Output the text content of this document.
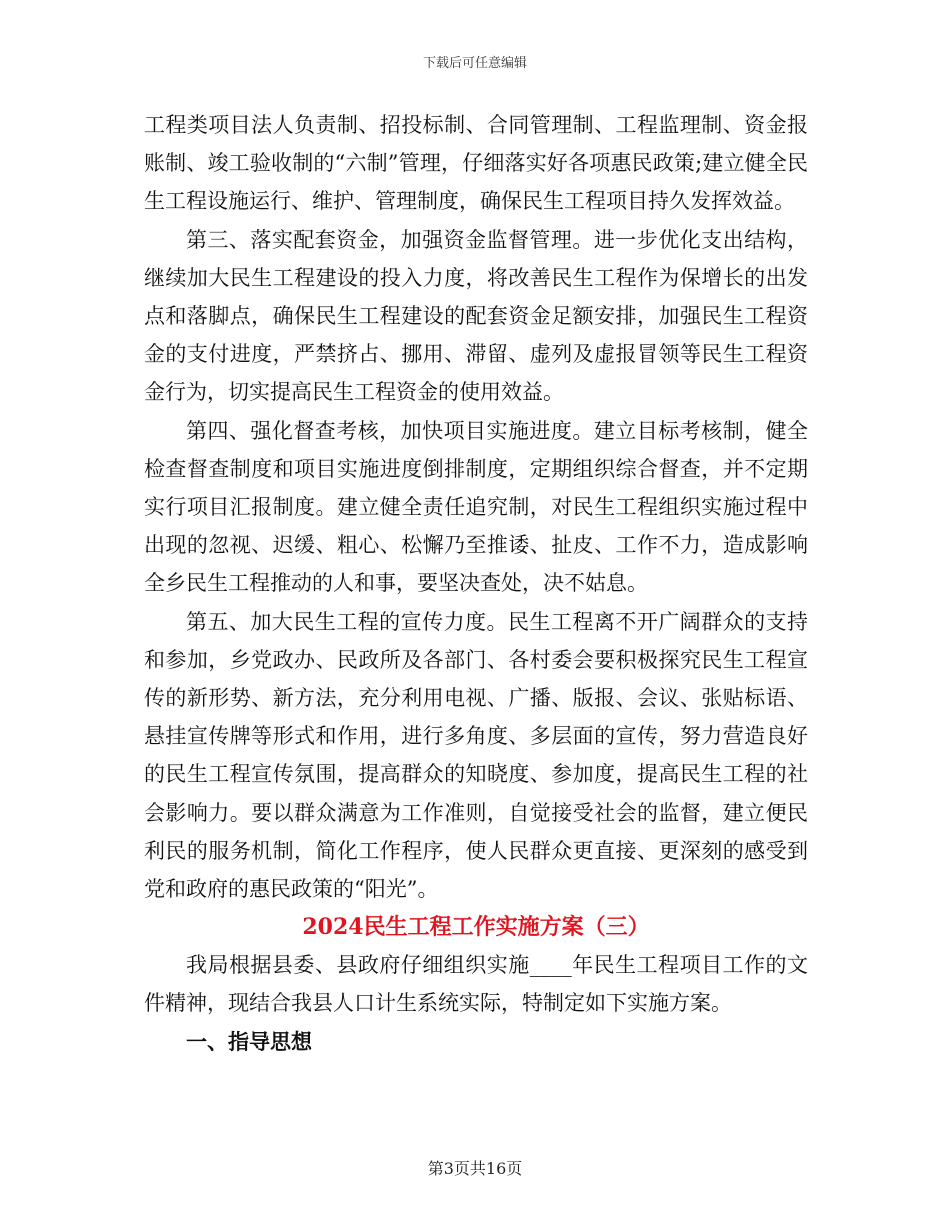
下载后可任意编辑

工程类项目法人负责制、招投标制、合同管理制、工程监理制、资金报账制、竣工验收制的“六制”管理，仔细落实好各项惠民政策;建立健全民生工程设施运行、维护、管理制度，确保民生工程项目持久发挥效益。

第三、落实配套资金，加强资金监督管理。进一步优化支出结构，继续加大民生工程建设的投入力度，将改善民生工程作为保增长的出发点和落脚点，确保民生工程建设的配套资金足额安排，加强民生工程资金的支付进度，严禁挤占、挪用、滞留、虚列及虚报冒领等民生工程资金行为，切实提高民生工程资金的使用效益。

第四、强化督查考核，加快项目实施进度。建立目标考核制，健全检查督查制度和项目实施进度倒排制度，定期组织综合督查，并不定期实行项目汇报制度。建立健全责任追究制，对民生工程组织实施过程中出现的忽视、迟缓、粗心、松懈乃至推诿、扯皮、工作不力，造成影响全乡民生工程推动的人和事，要坚决查处，决不姑息。

第五、加大民生工程的宣传力度。民生工程离不开广阔群众的支持和参加，乡党政办、民政所及各部门、各村委会要积极探究民生工程宣传的新形势、新方法，充分利用电视、广播、版报、会议、张贴标语、悬挂宣传牌等形式和作用，进行多角度、多层面的宣传，努力营造良好的民生工程宣传氛围，提高群众的知晓度、参加度，提高民生工程的社会影响力。要以群众满意为工作准则，自觉接受社会的监督，建立便民利民的服务机制，简化工作程序，使人民群众更直接、更深刻的感受到党和政府的惠民政策的“阳光”。

2024民生工程工作实施方案（三）

我局根据县委、县政府仔细组织实施____年民生工程项目工作的文件精神，现结合我县人口计生系统实际，特制定如下实施方案。

一、指导思想
第3页共16页
